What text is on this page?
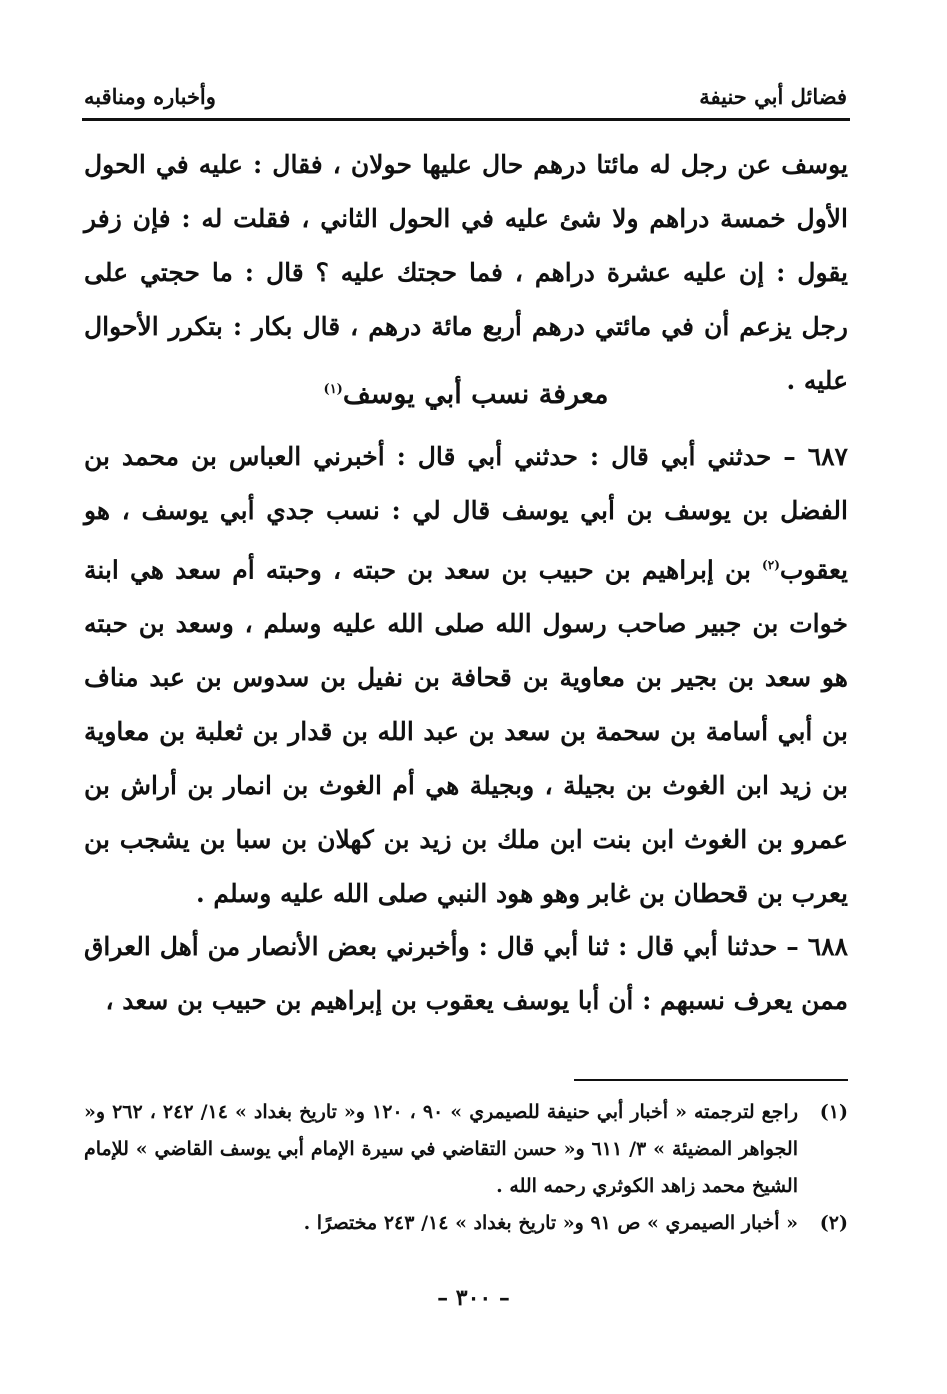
فضائل أبي حنيفة
وأخباره ومناقبه

يوسف عن رجل له مائتا درهم حال عليها حولان ، فقال : عليه في الحول الأول خمسة دراهم ولا شئ عليه في الحول الثاني ، فقلت له : فإن زفر يقول : إن عليه عشرة دراهم ، فما حجتك عليه ؟ قال : ما حجتي على رجل يزعم أن في مائتي درهم أربع مائة درهم ، قال بكار : بتكرر الأحوال عليه .

معرفة نسب أبي يوسف$^{(١)}$

٦٨٧ – حدثني أبي قال : حدثني أبي قال : أخبرني العباس بن محمد بن الفضل بن يوسف بن أبي يوسف قال لي : نسب جدي أبي يوسف ، هو يعقوب$^{(٢)}$ بن إبراهيم بن حبيب بن سعد بن حبته ، وحبته أم سعد هي ابنة خوات بن جبير صاحب رسول الله صلى الله عليه وسلم ، وسعد بن حبته هو سعد بن بجير بن معاوية بن قحافة بن نفيل بن سدوس بن عبد مناف بن أبي أسامة بن سحمة بن سعد بن عبد الله بن قدار بن ثعلبة بن معاوية بن زيد ابن الغوث بن بجيلة ، وبجيلة هي أم الغوث بن انمار بن أراش بن عمرو بن الغوث ابن بنت ابن ملك بن زيد بن كهلان بن سبا بن يشجب بن يعرب بن قحطان بن غابر وهو هود النبي صلى الله عليه وسلم .

٦٨٨ – حدثنا أبي قال : ثنا أبي قال : وأخبرني بعض الأنصار من أهل العراق ممن يعرف نسبهم : أن أبا يوسف يعقوب بن إبراهيم بن حبيب بن سعد ،

(١)
راجع لترجمته « أخبار أبي حنيفة للصيمري » ٩٠ ، ١٢٠ و« تاريخ بغداد » ١٤/ ٢٤٢ ، ٢٦٢ و« الجواهر المضيئة » ٣/ ٦١١ و« حسن التقاضي في سيرة الإمام أبي يوسف القاضي » للإمام الشيخ محمد زاهد الكوثري رحمه الله .
(٢)
« أخبار الصيمري » ص ٩١ و« تاريخ بغداد » ١٤/ ٢٤٣ مختصرًا .
– ٣٠٠ –
